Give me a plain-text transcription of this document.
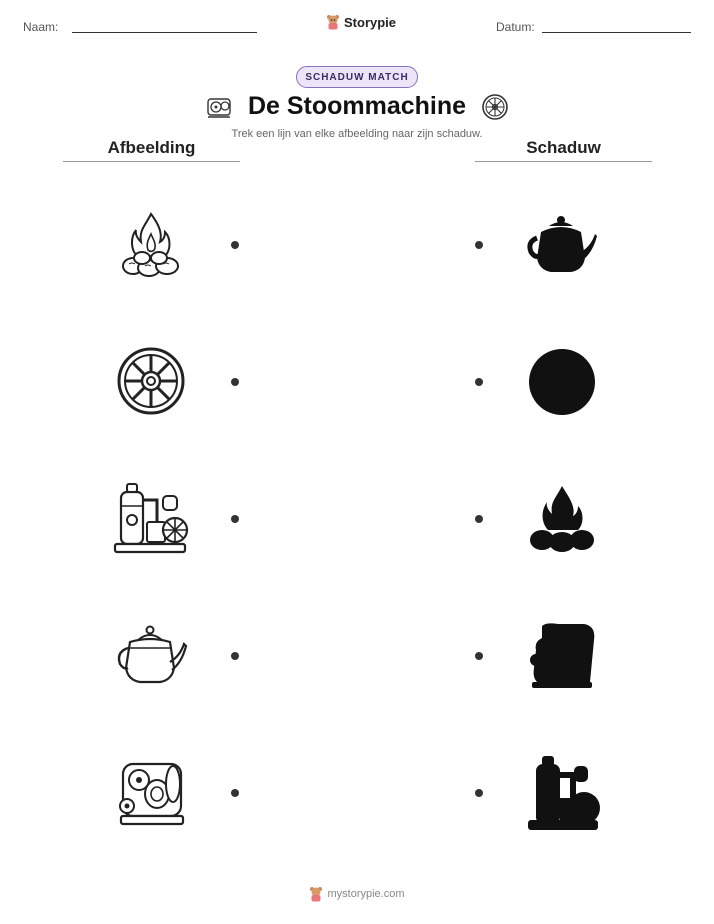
Naam:	Storypie	Datum:
SCHADUW MATCH
De Stoommachine
Trek een lijn van elke afbeelding naar zijn schaduw.
Afbeelding	Schaduw
mystorypie.com
